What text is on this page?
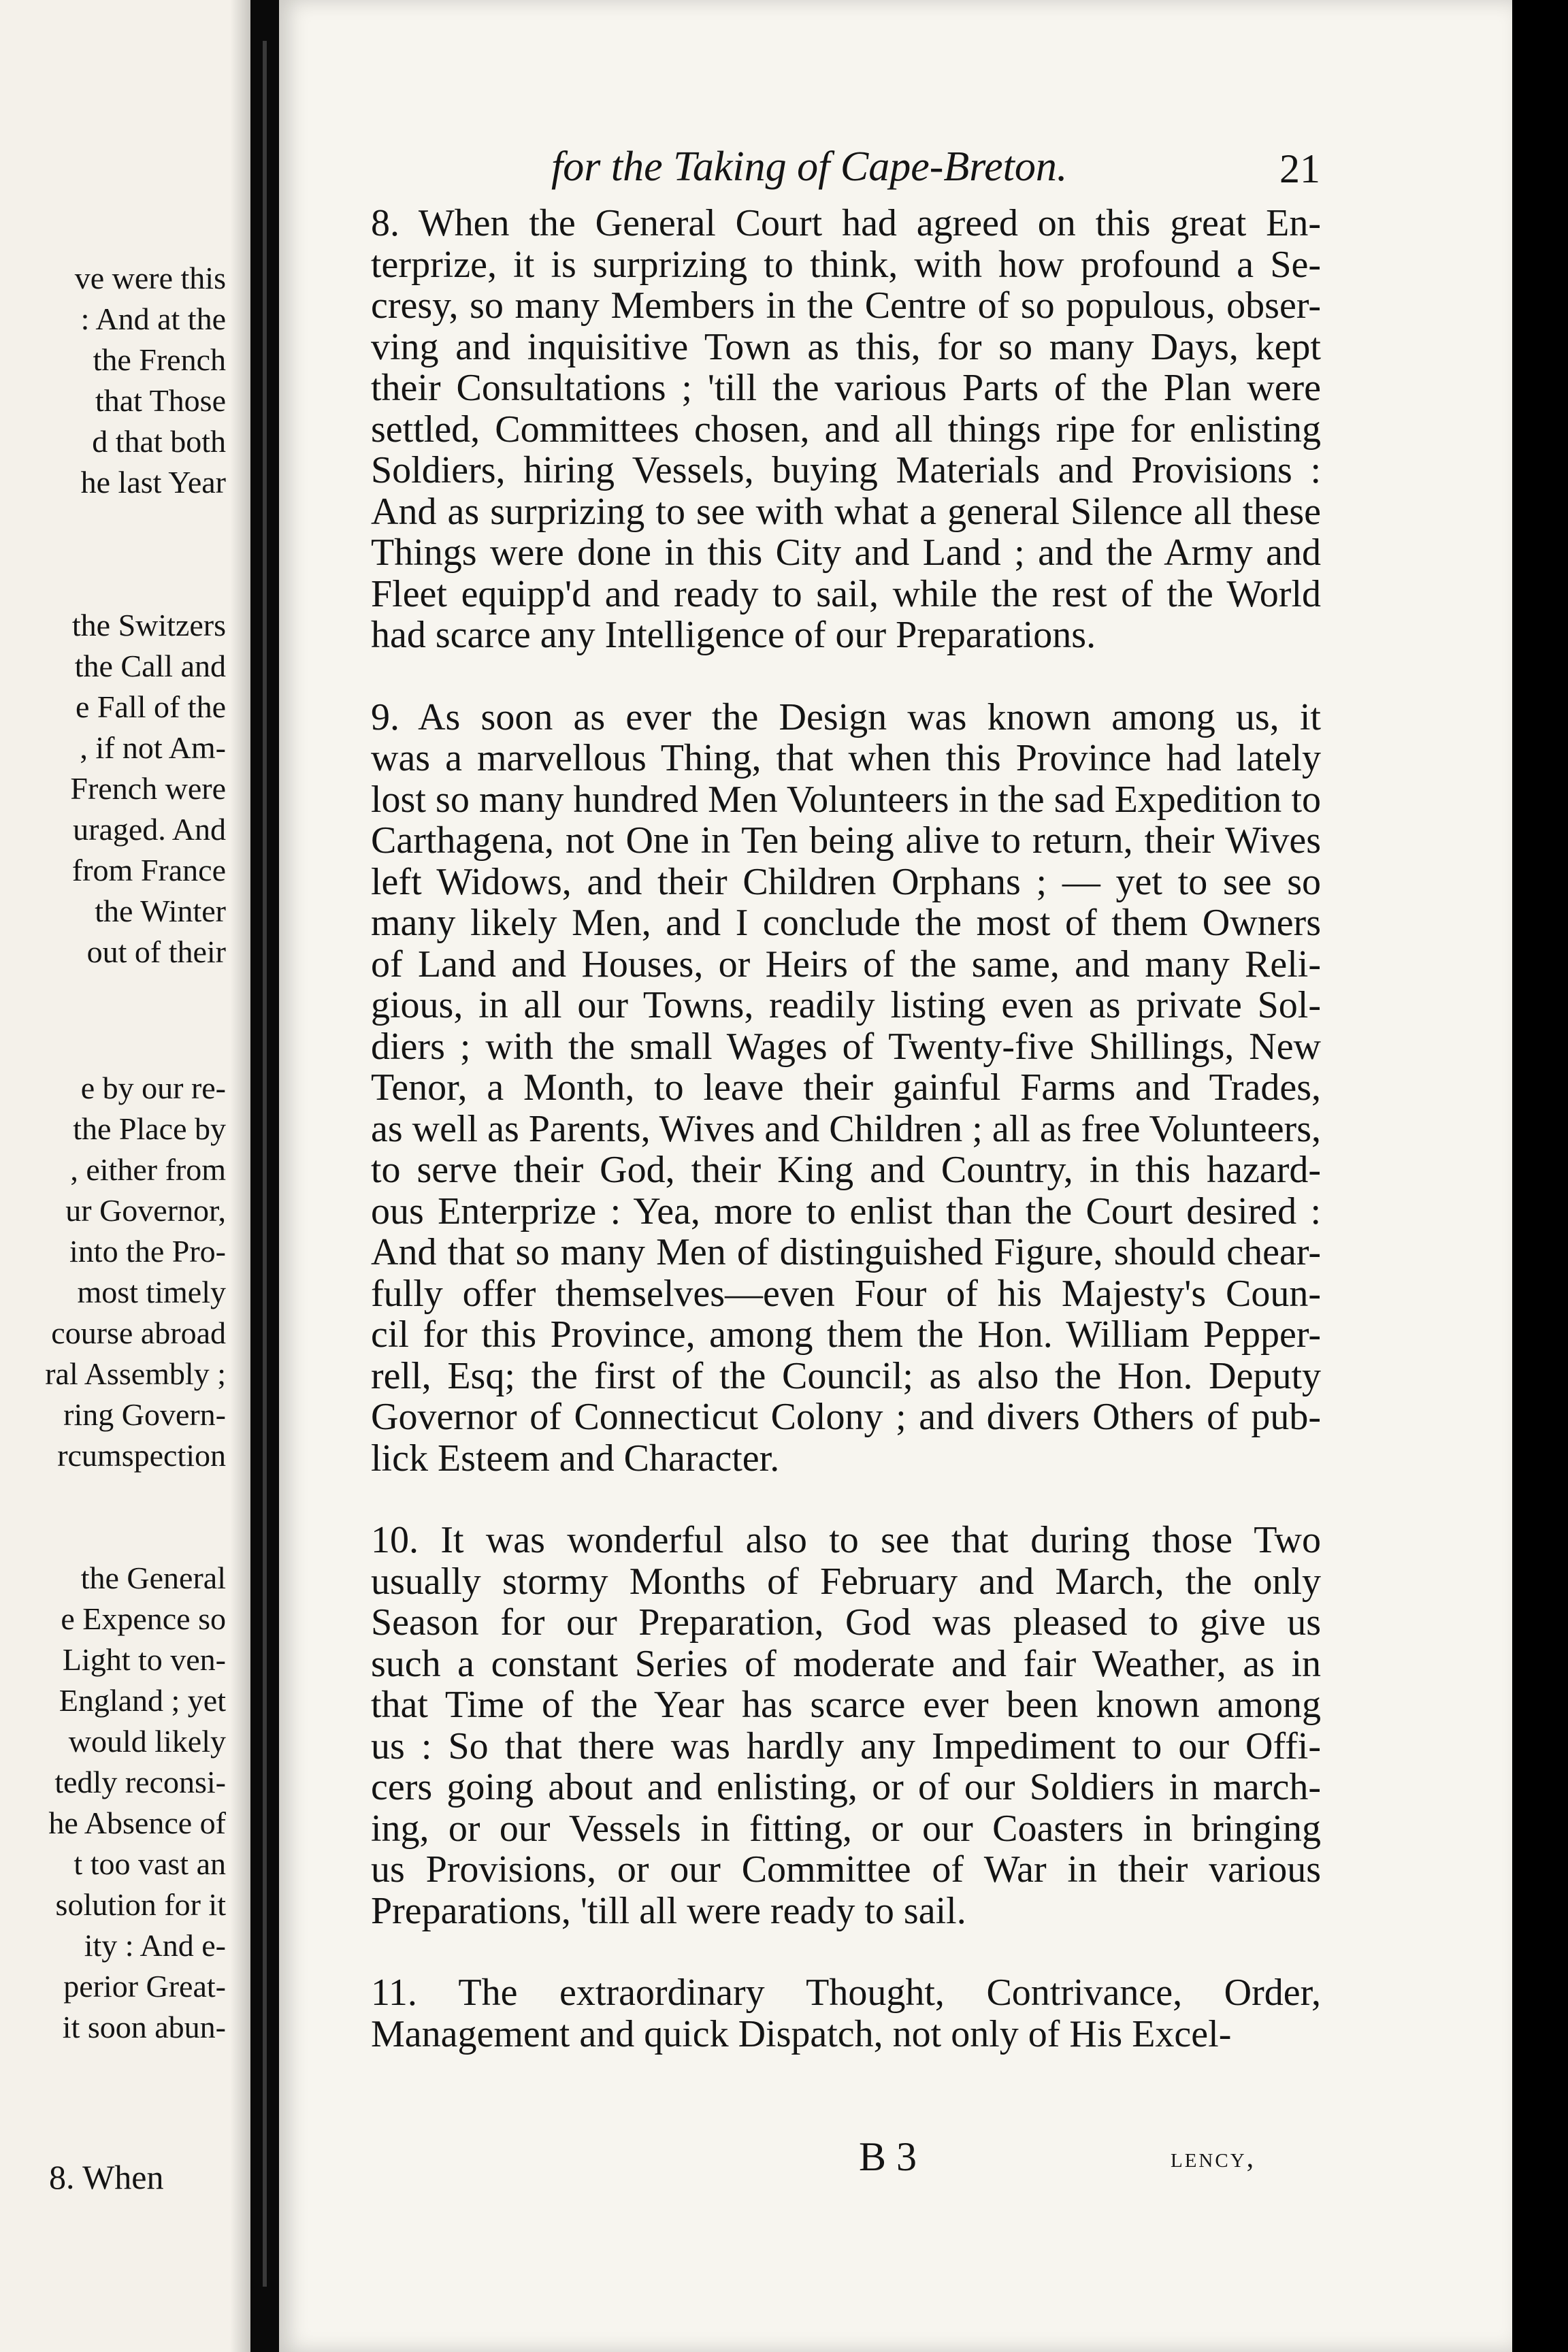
ve were this
: And at the
the French
that Those
d that both
he last Year
the Switzers
the Call and
e Fall of the
, if not Am-
French were
uraged. And
from France
the Winter
out of their
e by our re-
the Place by
, either from
ur Governor,
into the Pro-
most timely
course abroad
ral Assembly ;
ring Govern-
rcumspection
the General
e Expence so
Light to ven-
England ; yet
would likely
tedly reconsi-
he Absence of
t too vast an
solution for it
ity : And e-
perior Great-
it soon abun-
8. When
for the Taking of Cape-Breton.	21
8. When the General Court had agreed on this great En-
terprize, it is surprizing to think, with how profound a Se-
cresy, so many Members in the Centre of so populous, obser-
ving and inquisitive Town as this, for so many Days, kept
their Consultations ; 'till the various Parts of the Plan were
settled, Committees chosen, and all things ripe for enlisting
Soldiers, hiring Vessels, buying Materials and Provisions :
And as surprizing to see with what a general Silence all these
Things were done in this City and Land ; and the Army and
Fleet equipp'd and ready to sail, while the rest of the World
had scarce any Intelligence of our Preparations.
9. As soon as ever the Design was known among us, it
was a marvellous Thing, that when this Province had lately
lost so many hundred Men Volunteers in the sad Expedition to
Carthagena, not One in Ten being alive to return, their Wives
left Widows, and their Children Orphans ; — yet to see so
many likely Men, and I conclude the most of them Owners
of Land and Houses, or Heirs of the same, and many Reli-
gious, in all our Towns, readily listing even as private Sol-
diers ; with the small Wages of Twenty-five Shillings, New
Tenor, a Month, to leave their gainful Farms and Trades,
as well as Parents, Wives and Children ; all as free Volunteers,
to serve their God, their King and Country, in this hazard-
ous Enterprize : Yea, more to enlist than the Court desired :
And that so many Men of distinguished Figure, should chear-
fully offer themselves—even Four of his Majesty's Coun-
cil for this Province, among them the Hon. William Pepper-
rell, Esq; the first of the Council; as also the Hon. Deputy
Governor of Connecticut Colony ; and divers Others of pub-
lick Esteem and Character.
10. It was wonderful also to see that during those Two
usually stormy Months of February and March, the only
Season for our Preparation, God was pleased to give us
such a constant Series of moderate and fair Weather, as in
that Time of the Year has scarce ever been known among
us : So that there was hardly any Impediment to our Offi-
cers going about and enlisting, or of our Soldiers in march-
ing, or our Vessels in fitting, or our Coasters in bringing
us Provisions, or our Committee of War in their various
Preparations, 'till all were ready to sail.
11. The extraordinary Thought, Contrivance, Order,
Management and quick Dispatch, not only of His Excel-
B 3	lency,
